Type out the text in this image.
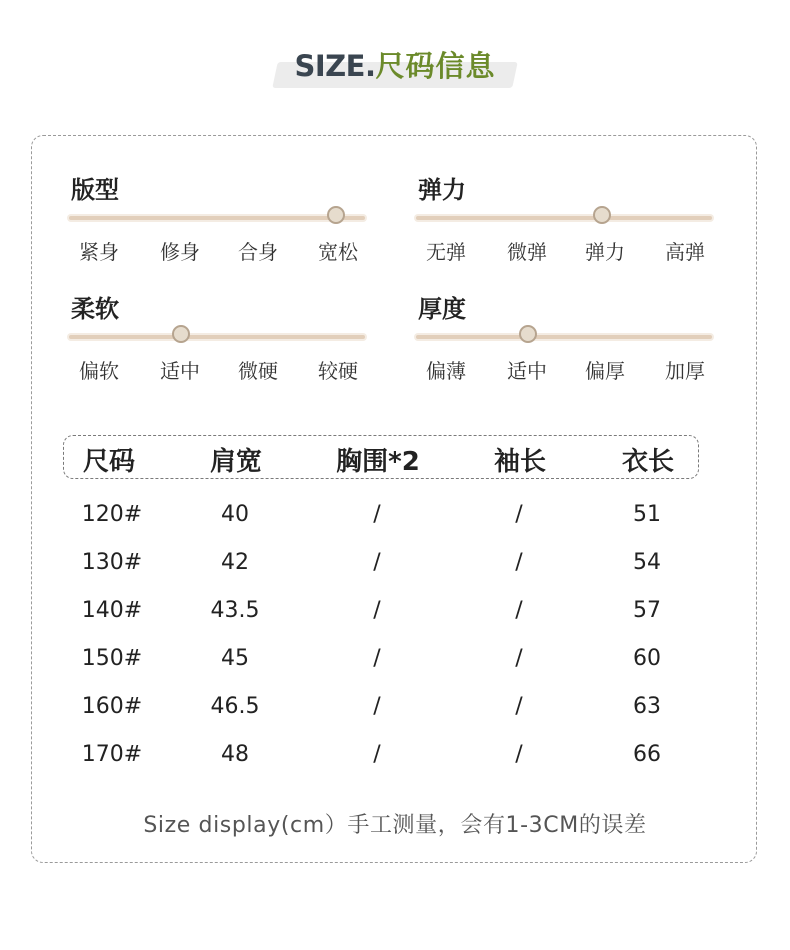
SIZE.尺码信息
版型
紧身	修身	合身	宽松
弹力
无弹	微弹	弹力	高弹
柔软
偏软	适中	微硬	较硬
厚度
偏薄	适中	偏厚	加厚
尺码	肩宽	胸围*2	袖长	衣长
120#	40	/	/	51
130#	42	/	/	54
140#	43.5	/	/	57
150#	45	/	/	60
160#	46.5	/	/	63
170#	48	/	/	66
Size display(cm）手工测量，会有1-3CM的误差
